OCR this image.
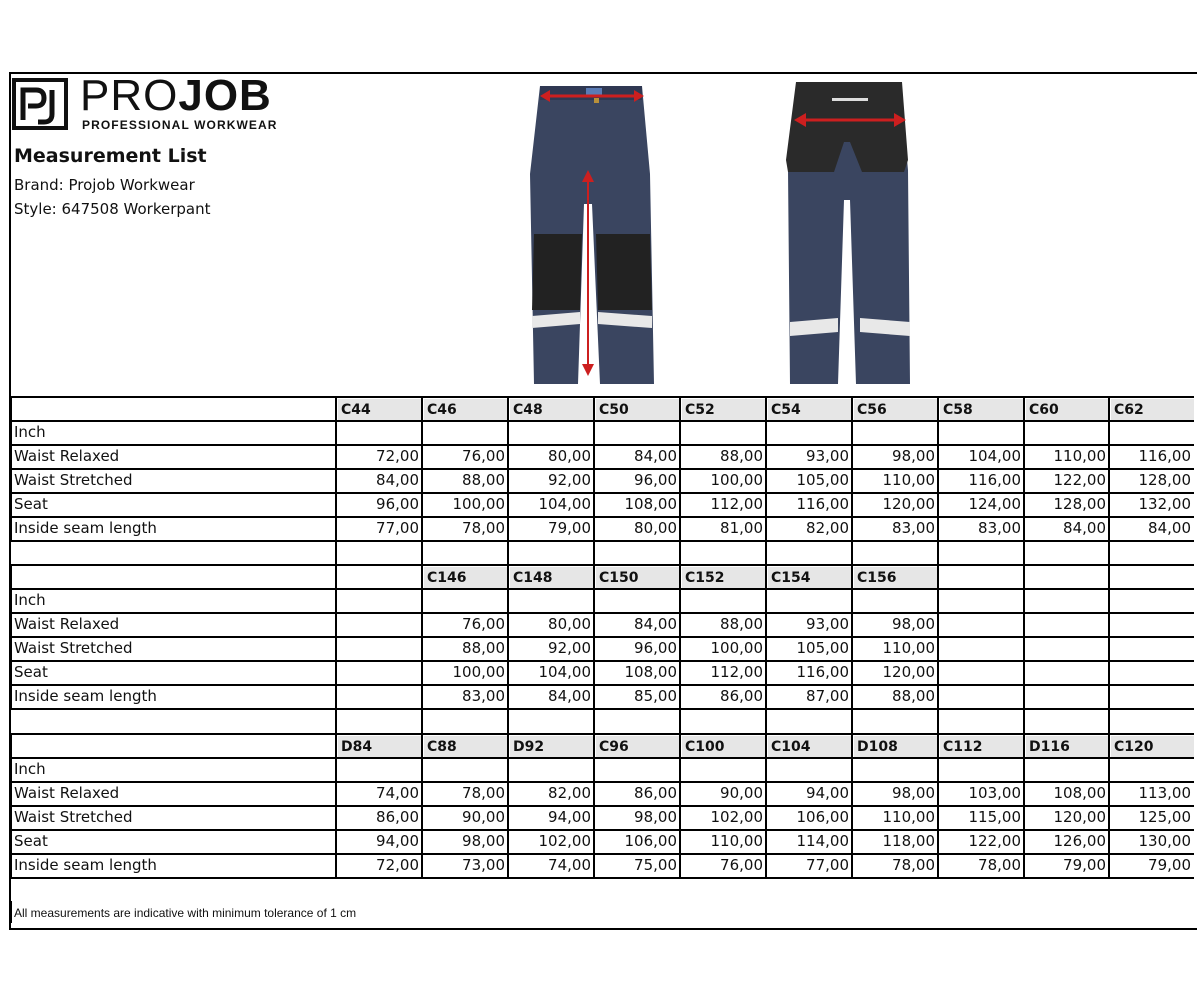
PROJOB
PROFESSIONAL WORKWEAR
Measurement List
Brand: Projob Workwear
Style: 647508 Workerpant
C44	C46	C48	C50	C52	C54	C56	C58	C60	C62
Inch
Waist Relaxed	72,00	76,00	80,00	84,00	88,00	93,00	98,00	104,00	110,00	116,00
Waist Stretched	84,00	88,00	92,00	96,00	100,00	105,00	110,00	116,00	122,00	128,00
Seat	96,00	100,00	104,00	108,00	112,00	116,00	120,00	124,00	128,00	132,00
Inside seam length	77,00	78,00	79,00	80,00	81,00	82,00	83,00	83,00	84,00	84,00
C146	C148	C150	C152	C154	C156
Inch
Waist Relaxed	76,00	80,00	84,00	88,00	93,00	98,00
Waist Stretched	88,00	92,00	96,00	100,00	105,00	110,00
Seat	100,00	104,00	108,00	112,00	116,00	120,00
Inside seam length	83,00	84,00	85,00	86,00	87,00	88,00
D84	C88	D92	C96	C100	C104	D108	C112	D116	C120
Inch
Waist Relaxed	74,00	78,00	82,00	86,00	90,00	94,00	98,00	103,00	108,00	113,00
Waist Stretched	86,00	90,00	94,00	98,00	102,00	106,00	110,00	115,00	120,00	125,00
Seat	94,00	98,00	102,00	106,00	110,00	114,00	118,00	122,00	126,00	130,00
Inside seam length	72,00	73,00	74,00	75,00	76,00	77,00	78,00	78,00	79,00	79,00
All measurements are indicative with minimum tolerance of 1 cm
